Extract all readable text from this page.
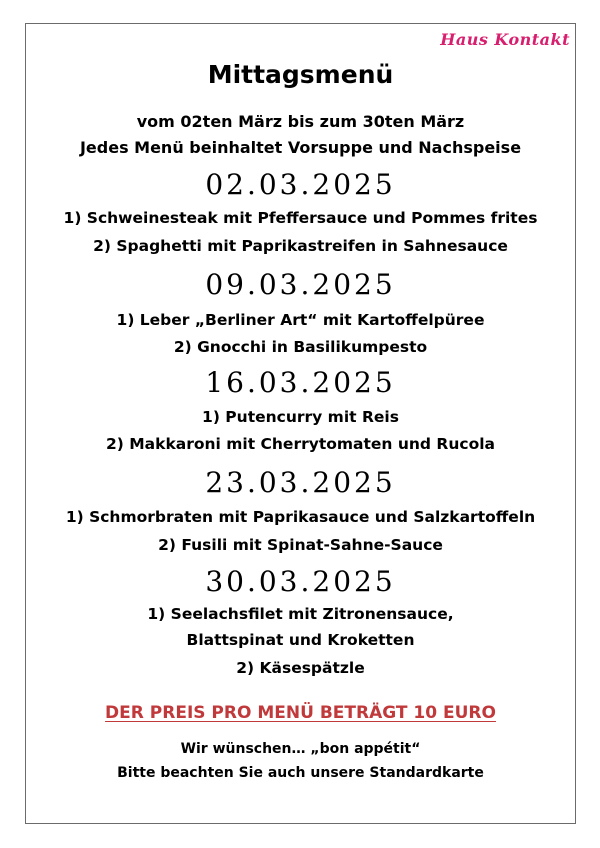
Haus Kontakt
Mittagsmenü
vom 02ten März bis zum 30ten März
Jedes Menü beinhaltet Vorsuppe und Nachspeise
02.03.2025
1) Schweinesteak mit Pfeffersauce und Pommes frites
2) Spaghetti mit Paprikastreifen in Sahnesauce
09.03.2025
1) Leber „Berliner Art“ mit Kartoffelpüree
2) Gnocchi in Basilikumpesto
16.03.2025
1) Putencurry mit Reis
2) Makkaroni mit Cherrytomaten und Rucola
23.03.2025
1) Schmorbraten mit Paprikasauce und Salzkartoffeln
2) Fusili mit Spinat-Sahne-Sauce
30.03.2025
1) Seelachsfilet mit Zitronensauce,
Blattspinat und Kroketten
2) Käsespätzle
DER PREIS PRO MENÜ BETRÄGT 10 EURO
Wir wünschen… „bon appétit“
Bitte beachten Sie auch unsere Standardkarte
